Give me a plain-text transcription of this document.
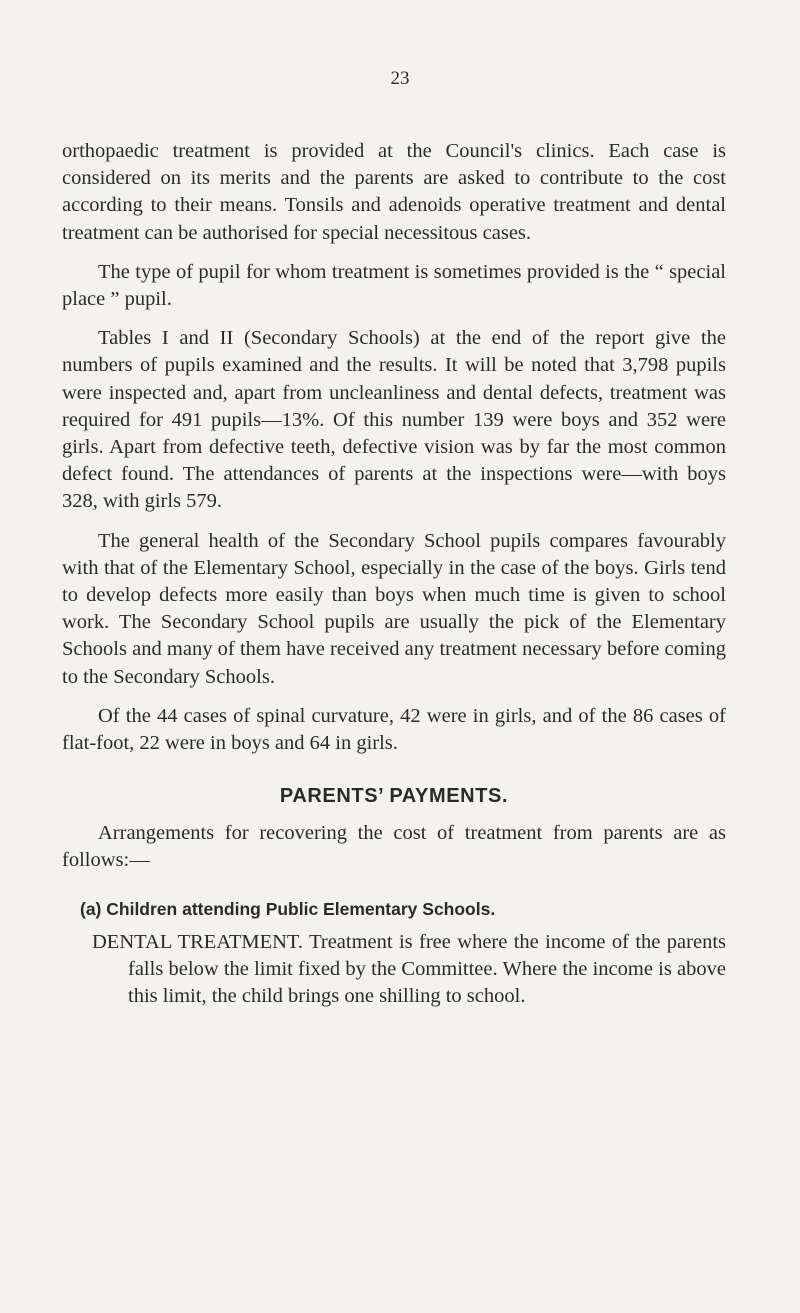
23

orthopaedic treatment is provided at the Council's clinics. Each case is considered on its merits and the parents are asked to contribute to the cost according to their means. Tonsils and adenoids operative treatment and dental treatment can be authorised for special necessitous cases.

The type of pupil for whom treatment is sometimes provided is the “ special place ” pupil.

Tables I and II (Secondary Schools) at the end of the report give the numbers of pupils examined and the results. It will be noted that 3,798 pupils were inspected and, apart from uncleanliness and dental defects, treatment was required for 491 pupils—13%. Of this number 139 were boys and 352 were girls. Apart from defective teeth, defective vision was by far the most common defect found. The attendances of parents at the inspections were—with boys 328, with girls 579.

The general health of the Secondary School pupils compares favourably with that of the Elementary School, especially in the case of the boys. Girls tend to develop defects more easily than boys when much time is given to school work. The Secondary School pupils are usually the pick of the Elementary Schools and many of them have received any treatment necessary before coming to the Secondary Schools.

Of the 44 cases of spinal curvature, 42 were in girls, and of the 86 cases of flat-foot, 22 were in boys and 64 in girls.

PARENTS’ PAYMENTS.

Arrangements for recovering the cost of treatment from parents are as follows:—

(a) Children attending Public Elementary Schools.

DENTAL TREATMENT. Treatment is free where the income of the parents falls below the limit fixed by the Committee. Where the income is above this limit, the child brings one shilling to school.
